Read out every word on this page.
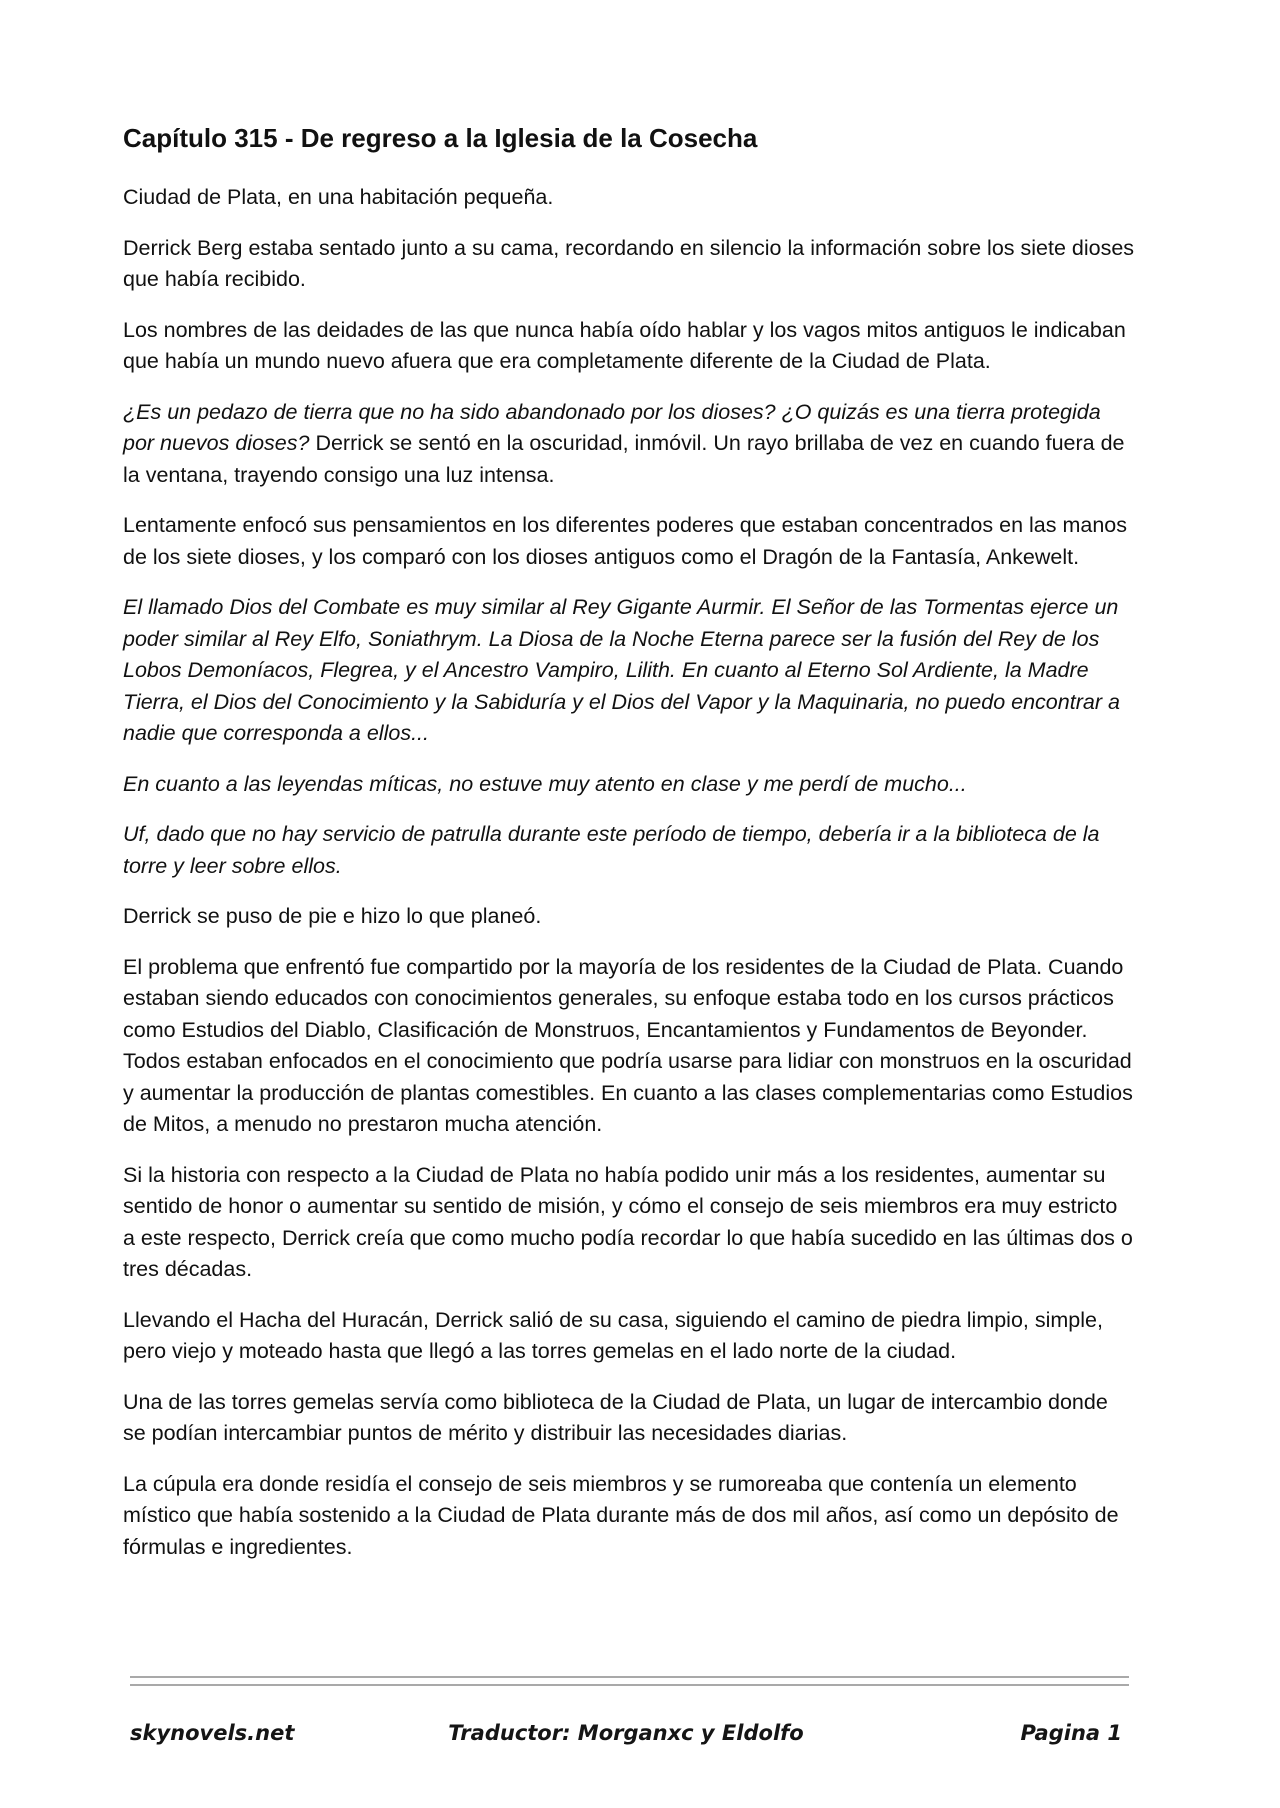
Capítulo 315 - De regreso a la Iglesia de la Cosecha

Ciudad de Plata, en una habitación pequeña.

Derrick Berg estaba sentado junto a su cama, recordando en silencio la información sobre los siete dioses que había recibido.

Los nombres de las deidades de las que nunca había oído hablar y los vagos mitos antiguos le indicaban que había un mundo nuevo afuera que era completamente diferente de la Ciudad de Plata.

¿Es un pedazo de tierra que no ha sido abandonado por los dioses? ¿O quizás es una tierra protegida por nuevos dioses? Derrick se sentó en la oscuridad, inmóvil. Un rayo brillaba de vez en cuando fuera de la ventana, trayendo consigo una luz intensa.

Lentamente enfocó sus pensamientos en los diferentes poderes que estaban concentrados en las manos de los siete dioses, y los comparó con los dioses antiguos como el Dragón de la Fantasía, Ankewelt.

El llamado Dios del Combate es muy similar al Rey Gigante Aurmir. El Señor de las Tormentas ejerce un poder similar al Rey Elfo, Soniathrym. La Diosa de la Noche Eterna parece ser la fusión del Rey de los Lobos Demoníacos, Flegrea, y el Ancestro Vampiro, Lilith. En cuanto al Eterno Sol Ardiente, la Madre Tierra, el Dios del Conocimiento y la Sabiduría y el Dios del Vapor y la Maquinaria, no puedo encontrar a nadie que corresponda a ellos...

En cuanto a las leyendas míticas, no estuve muy atento en clase y me perdí de mucho...

Uf, dado que no hay servicio de patrulla durante este período de tiempo, debería ir a la biblioteca de la torre y leer sobre ellos.

Derrick se puso de pie e hizo lo que planeó.

El problema que enfrentó fue compartido por la mayoría de los residentes de la Ciudad de Plata. Cuando estaban siendo educados con conocimientos generales, su enfoque estaba todo en los cursos prácticos como Estudios del Diablo, Clasificación de Monstruos, Encantamientos y Fundamentos de Beyonder. Todos estaban enfocados en el conocimiento que podría usarse para lidiar con monstruos en la oscuridad y aumentar la producción de plantas comestibles. En cuanto a las clases complementarias como Estudios de Mitos, a menudo no prestaron mucha atención.

Si la historia con respecto a la Ciudad de Plata no había podido unir más a los residentes, aumentar su sentido de honor o aumentar su sentido de misión, y cómo el consejo de seis miembros era muy estricto a este respecto, Derrick creía que como mucho podía recordar lo que había sucedido en las últimas dos o tres décadas.

Llevando el Hacha del Huracán, Derrick salió de su casa, siguiendo el camino de piedra limpio, simple, pero viejo y moteado hasta que llegó a las torres gemelas en el lado norte de la ciudad.

Una de las torres gemelas servía como biblioteca de la Ciudad de Plata, un lugar de intercambio donde se podían intercambiar puntos de mérito y distribuir las necesidades diarias.

La cúpula era donde residía el consejo de seis miembros y se rumoreaba que contenía un elemento místico que había sostenido a la Ciudad de Plata durante más de dos mil años, así como un depósito de fórmulas e ingredientes.

skynovels.net	Traductor: Morganxc y Eldolfo	Pagina 1
